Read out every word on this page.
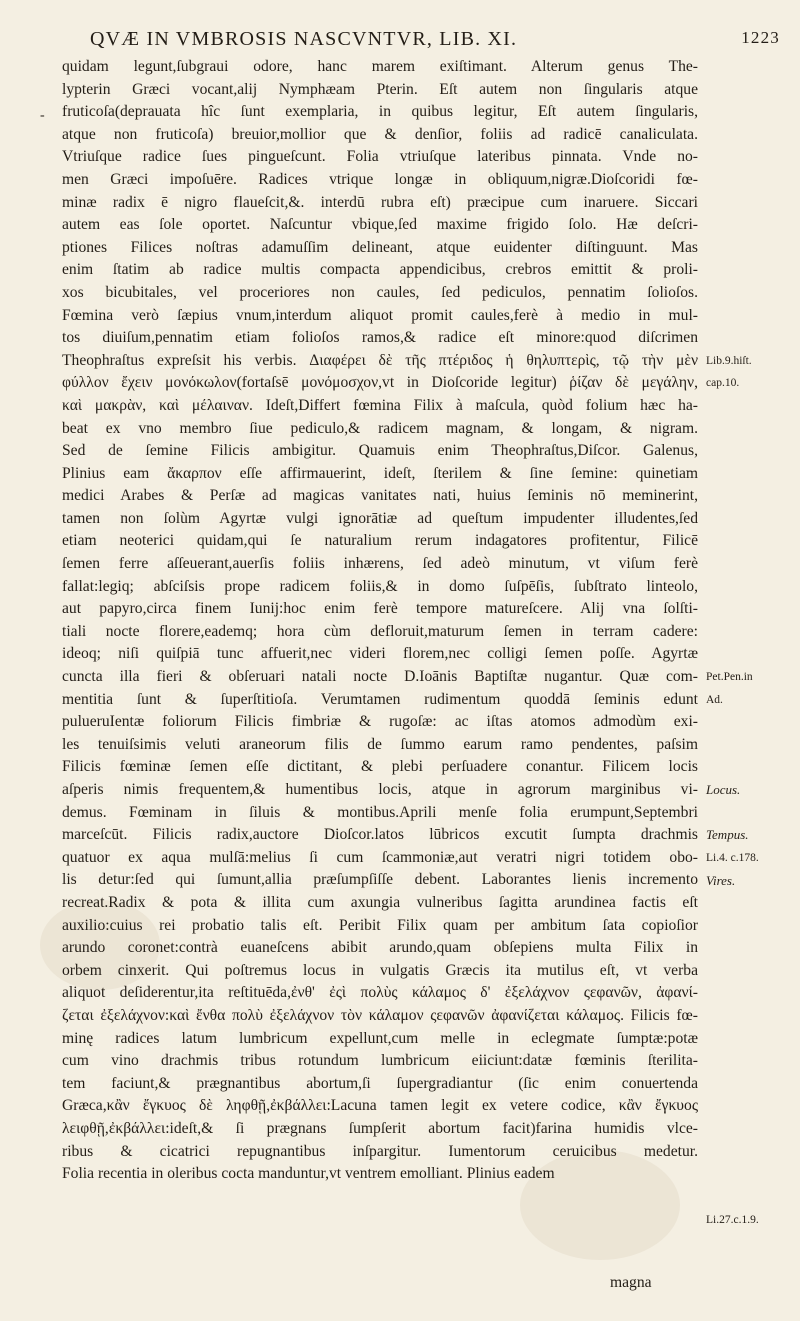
QVÆ IN VMBROSIS NASCVNTVR, LIB. XI.	1223
-
quidam legunt,ſubgraui odore, hanc marem exiſtimant. Alterum genus The-
lypterin Græci vocant,alij Nymphæam Pterin. Eſt autem non ſingularis atque
fruticoſa(deprauata hîc ſunt exemplaria, in quibus legitur, Eſt autem ſingularis,
atque non fruticoſa) breuior,mollior que & denſior, foliis ad radicē canaliculata.
Vtriuſque radice ſues pingueſcunt. Folia vtriuſque lateribus pinnata. Vnde no-
men Græci impoſuēre. Radices vtrique longæ in obliquum,nigræ.Dioſcoridi fœ-
minæ radix ē nigro flaueſcit,&. interdū rubra eſt) præcipue cum inaruere. Siccari
autem eas ſole oportet. Naſcuntur vbique,ſed maxime frigido ſolo. Hæ deſcri-
ptiones Filices noſtras adamuſſim delineant, atque euidenter diſtinguunt. Mas
enim ſtatim ab radice multis compacta appendicibus, crebros emittit & proli-
xos bicubitales, vel proceriores non caules, ſed pediculos, pennatim ſolioſos.
Fœmina verò ſæpius vnum,interdum aliquot promit caules,ferè à medio in mul-
tos diuiſum,pennatim etiam folioſos ramos,& radice eſt minore:quod diſcrimen
Theophraſtus expreſsit his verbis. Διαφέρει δὲ τῆς πτέριδος ἡ θηλυπτερὶς, τῷ τὴν μὲν
φύλλον ἔχειν μονόκωλον(fortaſsē μονόμοσχον,vt in Dioſcoride legitur) ῥίζαν δὲ μεγάλην,
καὶ μακρὰν, καὶ μέλαιναν. Ideſt,Differt fœmina Filix à maſcula, quòd folium hæc ha-
beat ex vno membro ſiue pediculo,& radicem magnam, & longam, & nigram.
Sed de ſemine Filicis ambigitur. Quamuis enim Theophraſtus,Diſcor. Galenus,
Plinius eam ἄκαρπον eſſe affirmauerint, ideſt, ſterilem & ſine ſemine: quinetiam
medici Arabes & Perſæ ad magicas vanitates nati, huius ſeminis nō meminerint,
tamen non ſolùm Agyrtæ vulgi ignorātiæ ad queſtum impudenter illudentes,ſed
etiam neoterici quidam,qui ſe naturalium rerum indagatores profitentur, Filicē
ſemen ferre aſſeuerant,auerſis foliis inhærens, ſed adeò minutum, vt viſum ferè
fallat:legiq; abſciſsis prope radicem foliis,& in domo ſuſpēſis, ſubſtrato linteolo,
aut papyro,circa finem Iunij:hoc enim ferè tempore matureſcere. Alij vna ſolſti-
tiali nocte florere,eademq; hora cùm defloruit,maturum ſemen in terram cadere:
ideoq; niſi quiſpiā tunc affuerit,nec videri florem,nec colligi ſemen poſſe. Agyrtæ
cuncta illa fieri & obſeruari natali nocte D.Ioānis Baptiſtæ nugantur. Quæ com-
mentitia ſunt & ſuperſtitioſa. Verumtamen rudimentum quoddā ſeminis edunt
pulueruIentæ foliorum Filicis fimbriæ & rugoſæ: ac iſtas atomos admodùm exi-
les tenuiſsimis veluti araneorum filis de ſummo earum ramo pendentes, paſsim
Filicis fœminæ ſemen eſſe dictitant, & plebi perſuadere conantur. Filicem locis
aſperis nimis frequentem,& humentibus locis, atque in agrorum marginibus vi-
demus. Fœminam in ſiluis & montibus.Aprili menſe folia erumpunt,Septembri
marceſcūt. Filicis radix,auctore Dioſcor.latos lūbricos excutit ſumpta drachmis
quatuor ex aqua mulſā:melius ſi cum ſcammoniæ,aut veratri nigri totidem obo-
lis detur:ſed qui ſumunt,allia præſumpſiſſe debent. Laborantes lienis incremento
recreat.Radix & pota & illita cum axungia vulneribus ſagitta arundinea factis eſt
auxilio:cuius rei probatio talis eſt. Peribit Filix quam per ambitum ſata copioſior
arundo coronet:contrà euaneſcens abibit arundo,quam obſepiens multa Filix in
orbem cinxerit. Qui poſtremus locus in vulgatis Græcis ita mutilus eſt, vt verba
aliquot deſiderentur,ita reſtituēda,ἐνθ' ἐςὶ πολὺς κάλαμος δ' ἐξελάχνον ςεφανῶν, ἀφανί-
ζεται ἐξελάχνον:καὶ ἔνθα πολὺ ἐξελάχνον τὸν κάλαμον ςεφανῶν ἀφανίζεται κάλαμος. Filicis fœ-
minę radices latum lumbricum expellunt,cum melle in eclegmate ſumptæ:potæ
cum vino drachmis tribus rotundum lumbricum eiiciunt:datæ fœminis ſterilita-
tem faciunt,& prægnantibus abortum,ſi ſupergradiantur (ſic enim conuertenda
Græca,κἂν ἔγκυος δὲ ληφθῇ,ἐκβάλλει:Lacuna tamen legit ex vetere codice, κἂν ἔγκυος
λειφθῇ,ἐκβάλλει:ideſt,& ſi prægnans ſumpſerit abortum facit)farina humidis vlce-
ribus & cicatrici repugnantibus inſpargitur. Iumentorum ceruicibus medetur.
Folia recentia in oleribus cocta manduntur,vt ventrem emolliant. Plinius eadem
Lib.9.hiſt.
cap.10.
Pet.Pen.in
Ad.
Locus.
Tempus.
Li.4. c.178.
Vires.
Li.27.c.1.9.
magna
